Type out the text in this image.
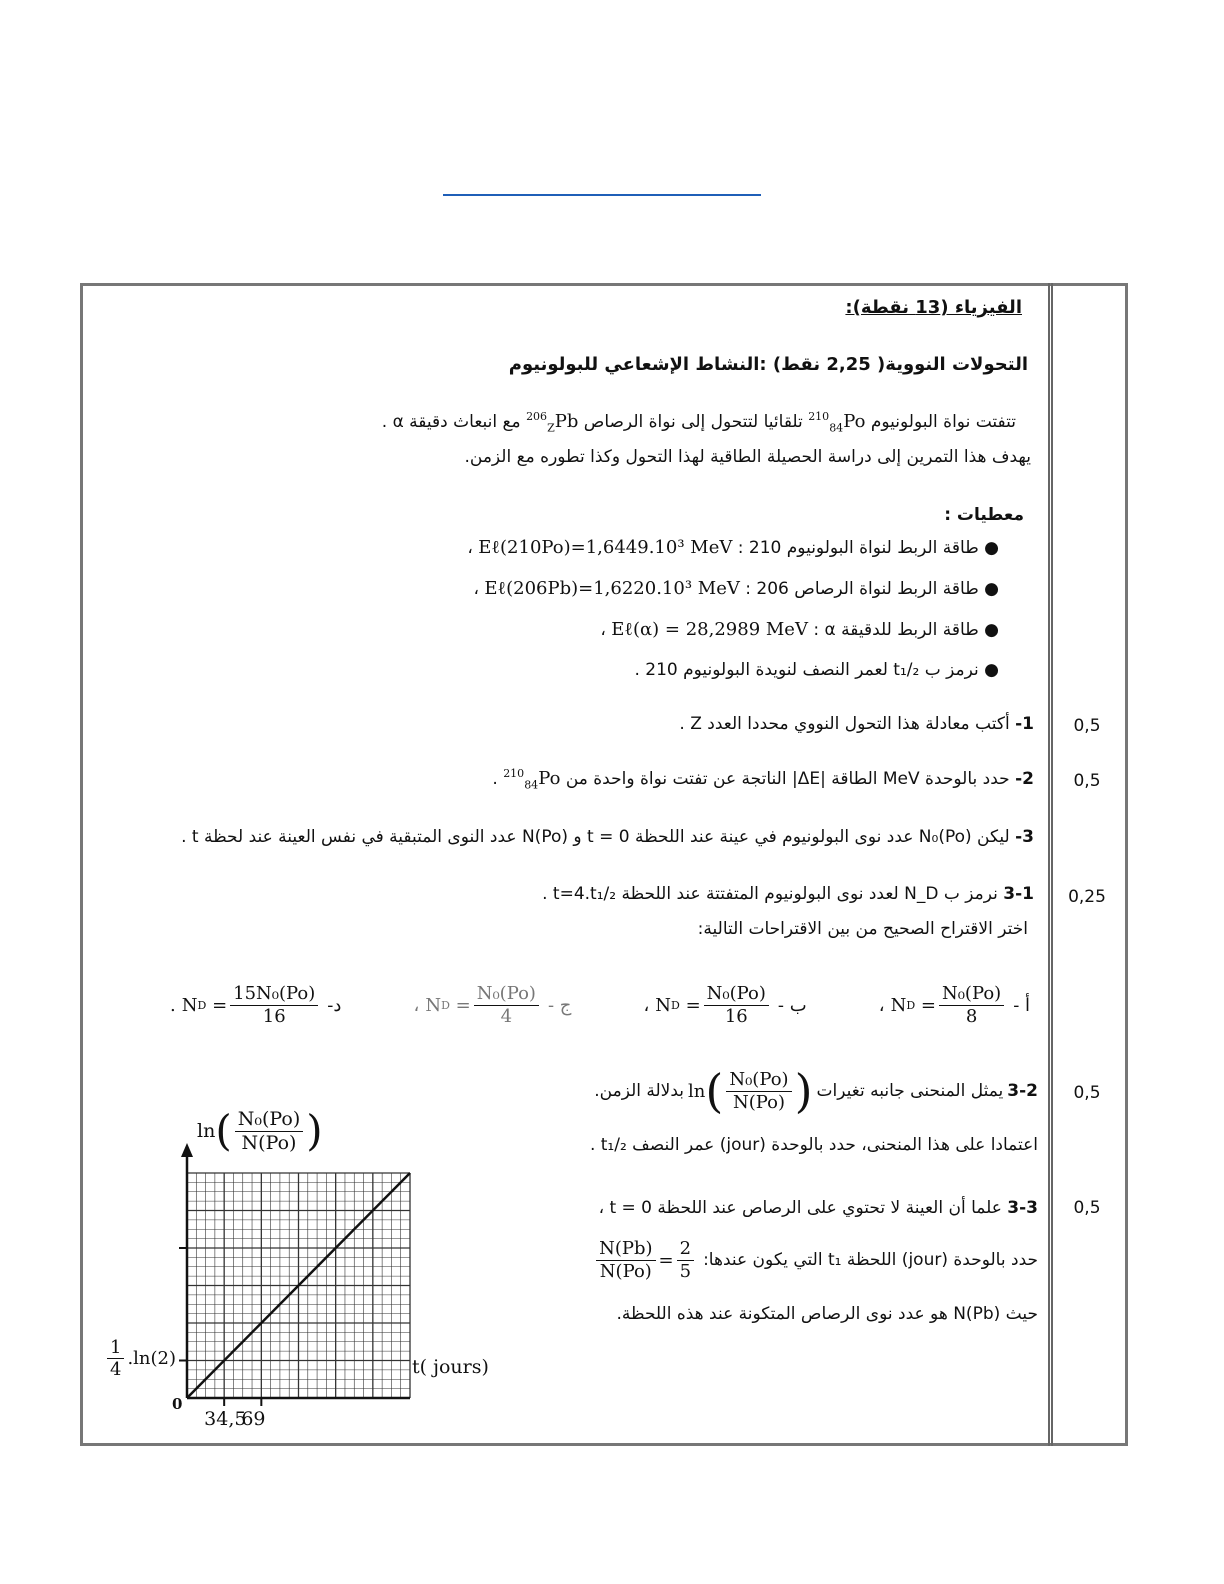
الفيزياء (13 نقطة):
التحولات النووية( 2,25 نقط) :النشاط الإشعاعي للبولونيوم
تتفتت نواة البولونيوم $^{210}_{84}$Po تلقائيا لتتحول إلى نواة الرصاص $^{206}_Z$Pb مع انبعاث دقيقة α .
يهدف هذا التمرين إلى دراسة الحصيلة الطاقية لهذا التحول وكذا تطوره مع الزمن.
معطيات :
● طاقة الربط لنواة البولونيوم 210 : Eℓ(210Po)=1,6449.10³ MeV ،
● طاقة الربط لنواة الرصاص 206 : Eℓ(206Pb)=1,6220.10³ MeV ،
● طاقة الربط للدقيقة α : Eℓ(α) = 28,2989 MeV ،
● نرمز ب t₁/₂ لعمر النصف لنويدة البولونيوم 210 .
1- أكتب معادلة هذا التحول النووي محددا العدد Z .	0,5
2- حدد بالوحدة MeV الطاقة |ΔE| الناتجة عن تفتت نواة واحدة من $^{210}_{84}$Po .	0,5
3- ليكن N₀(Po) عدد نوى البولونيوم في عينة عند اللحظة t = 0 و N(Po) عدد النوى المتبقية في نفس العينة عند لحظة t .
3-1 نرمز ب N_D لعدد نوى البولونيوم المتفتتة عند اللحظة t=4.t₁/₂ .
اختر الاقتراح الصحيح من بين الاقتراحات التالية:
0,25
أ -
N $D = \frac{\text{N₀(Po)}}{8}$
،
ب -
N $D = \frac{\text{N₀(Po)}}{16}$
،
ج -
N $D = \frac{\text{N₀(Po)}}{4}$
،
د-
N $D = \frac{\text{15N₀(Po)}}{16}$
.
3-2
يمثل المنحنى جانبه تغيرات
ln ( $\frac{\text{N₀(Po)}}{N(Po)}$ )
بدلالة الزمن.
اعتمادا على هذا المنحنى، حدد بالوحدة (jour) عمر النصف t₁/₂ .
0,5
3-3 علما أن العينة لا تحتوي على الرصاص عند اللحظة t = 0 ،
حدد بالوحدة (jour) اللحظة t₁ التي يكون عندها:
$\frac{N(Pb)}{N(Po)} = \frac{2}{5}$
حيث N(Pb) هو عدد نوى الرصاص المتكونة عند هذه اللحظة.
0,5
ln ( $\frac{\text{N₀(Po)}}{N(Po)}$ )
t( jours)
$\frac{1}{4} .\ln(2)$
0
34,5
69
